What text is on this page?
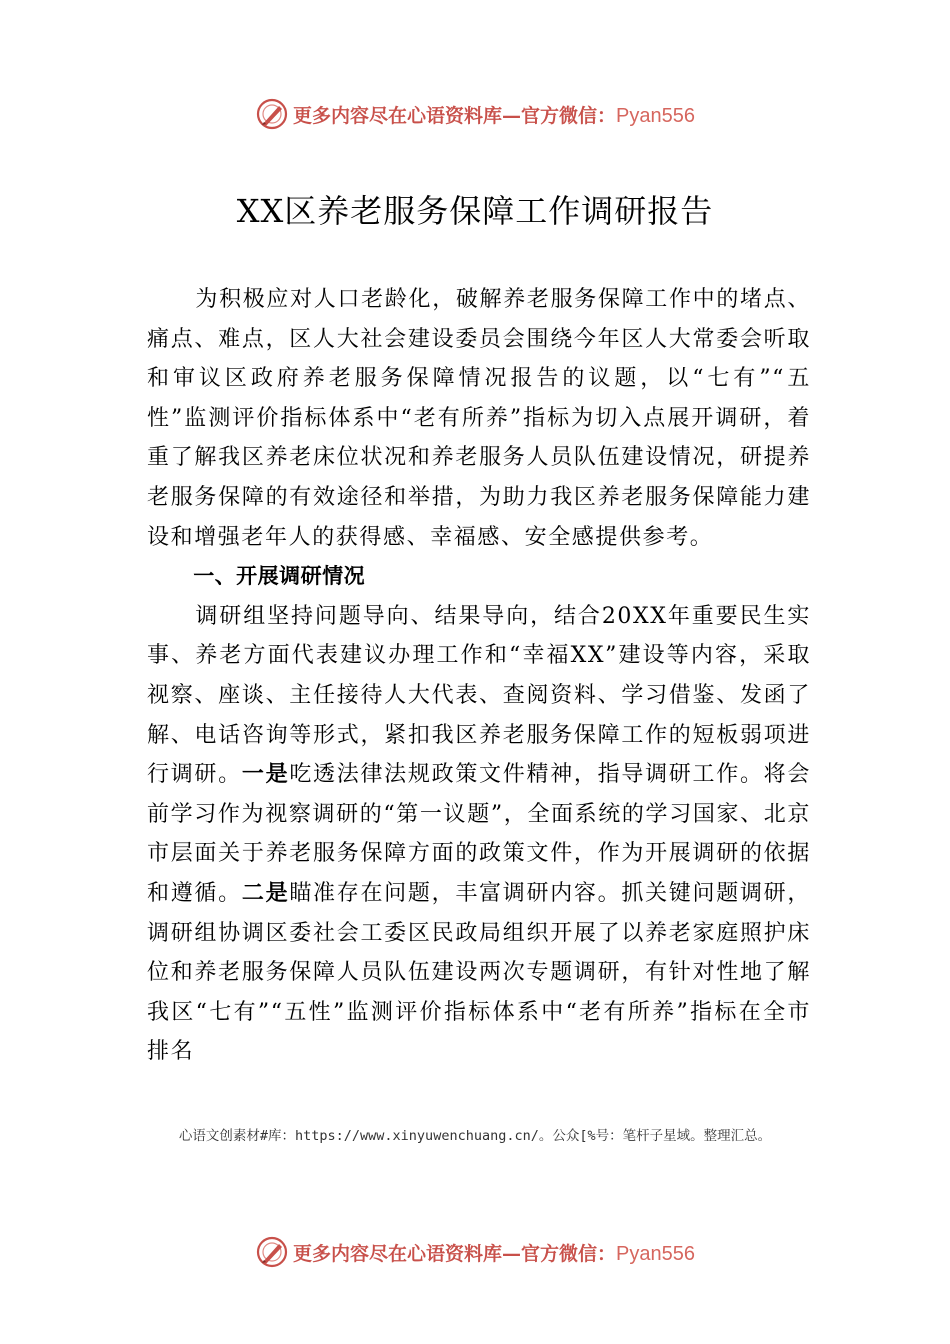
更多内容尽在心语资料库—官方微信：Pyan556
XX区养老服务保障工作调研报告

为积极应对人口老龄化，破解养老服务保障工作中的堵点、痛点、难点，区人大社会建设委员会围绕今年区人大常委会听取和审议区政府养老服务保障情况报告的议题，以“七有”“五性”监测评价指标体系中“老有所养”指标为切入点展开调研，着重了解我区养老床位状况和养老服务人员队伍建设情况，研提养老服务保障的有效途径和举措，为助力我区养老服务保障能力建设和增强老年人的获得感、幸福感、安全感提供参考。

一、开展调研情况

调研组坚持问题导向、结果导向，结合20XX年重要民生实事、养老方面代表建议办理工作和“幸福XX”建设等内容，采取视察、座谈、主任接待人大代表、查阅资料、学习借鉴、发函了解、电话咨询等形式，紧扣我区养老服务保障工作的短板弱项进行调研。一是吃透法律法规政策文件精神，指导调研工作。将会前学习作为视察调研的“第一议题”，全面系统的学习国家、北京市层面关于养老服务保障方面的政策文件，作为开展调研的依据和遵循。二是瞄准存在问题，丰富调研内容。抓关键问题调研，调研组协调区委社会工委区民政局组织开展了以养老家庭照护床位和养老服务保障人员队伍建设两次专题调研，有针对性地了解我区“七有”“五性”监测评价指标体系中“老有所养”指标在全市排名

心语文创素材#库：https://www.xinyuwenchuang.cn/。公众[%号：笔杆子星域。整理汇总。
更多内容尽在心语资料库—官方微信：Pyan556
